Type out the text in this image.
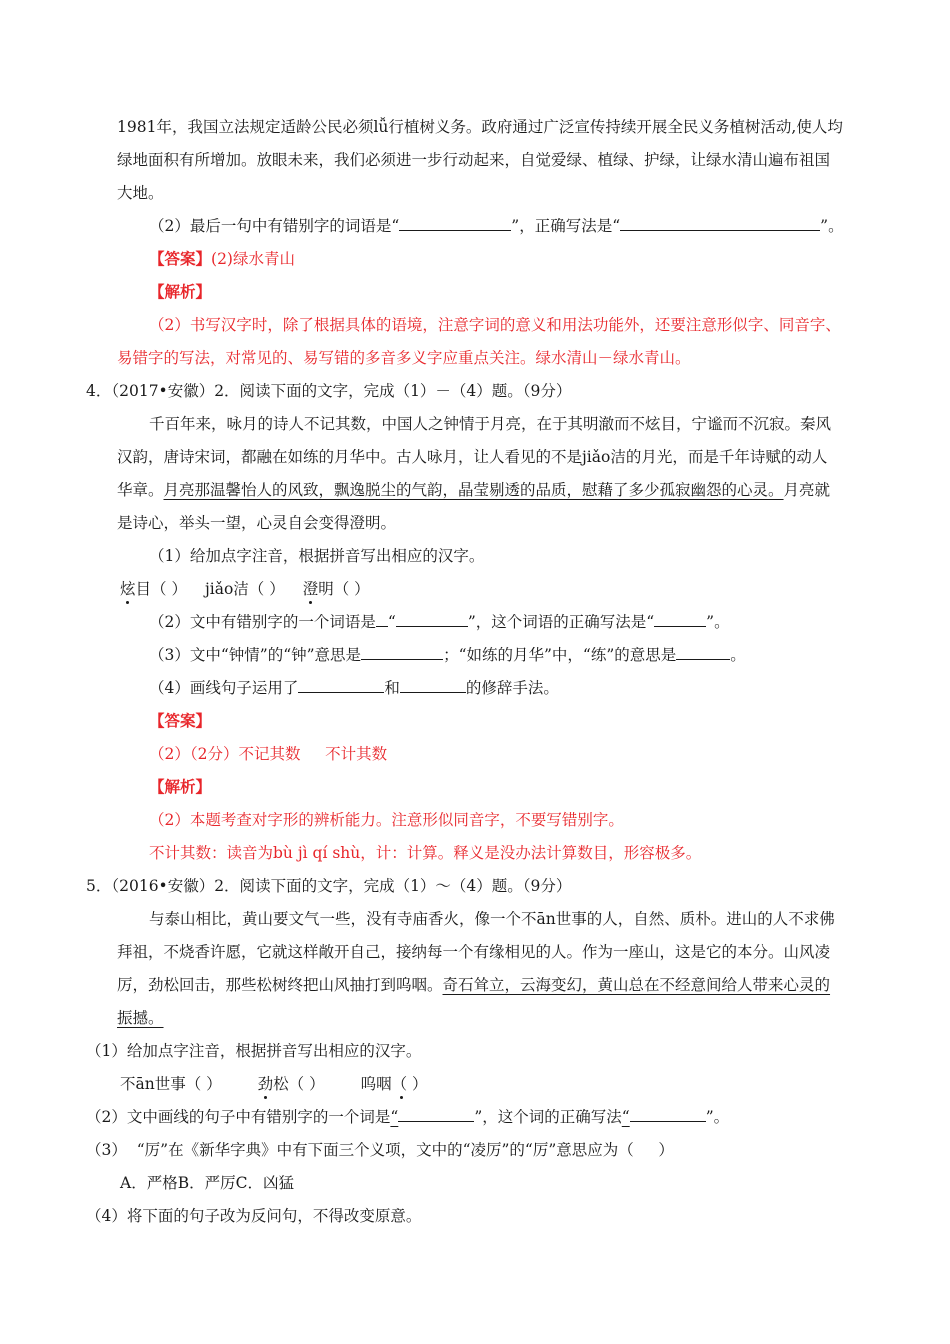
1981年，我国立法规定适龄公民必须lǚ行植树义务。政府通过广泛宣传持续开展全民义务植树活动,使人均
绿地面积有所增加。放眼未来，我们必须进一步行动起来，自觉爱绿、植绿、护绿，让绿水清山遍布祖国
大地。
（2）最后一句中有错别字的词语是“	”，正确写法是“	”。
【答案】(2)绿水青山
【解析】
（2）书写汉字时，除了根据具体的语境，注意字词的意义和用法功能外，还要注意形似字、同音字、
易错字的写法，对常见的、易写错的多音多义字应重点关注。绿水清山－绿水青山。
4．（2017•安徽）2．阅读下面的文字，完成（1）－（4）题。（9分）
千百年来，咏月的诗人不记其数，中国人之钟情于月亮，在于其明澈而不炫目，宁谧而不沉寂。秦风
汉韵，唐诗宋词，都融在如练的月华中。古人咏月，让人看见的不是jiǎo洁的月光，而是千年诗赋的动人
华章。月亮那温馨怡人的风致，飘逸脱尘的气韵，晶莹剔透的品质，慰藉了多少孤寂幽怨的心灵。月亮就
是诗心，举头一望，心灵自会变得澄明。
（1）给加点字注音，根据拼音写出相应的汉字。
炫目（ ） jiǎo洁（ ） 澄明（ ）
（2）文中有错别字的一个词语是 “	”，这个词语的正确写法是“	”。
（3）文中“钟情”的“钟”意思是	；“如练的月华”中，“练”的意思是	。
（4）画线句子运用了	和	的修辞手法。
【答案】
（2）（2分）不记其数     不计其数
【解析】
（2）本题考查对字形的辨析能力。注意形似同音字，不要写错别字。
不计其数：读音为bù jì qí shù，计：计算。释义是没办法计算数目，形容极多。
5．（2016•安徽）2．阅读下面的文字，完成（1）～（4）题。（9分）
与泰山相比，黄山要文气一些，没有寺庙香火，像一个不ān世事的人，自然、质朴。进山的人不求佛
拜祖，不烧香许愿，它就这样敞开自己，接纳每一个有缘相见的人。作为一座山，这是它的本分。山风凌
厉，劲松回击，那些松树终把山风抽打到呜咽。奇石耸立，云海变幻，黄山总在不经意间给人带来心灵的
振撼。
（1）给加点字注音，根据拼音写出相应的汉字。
不ān世事（ ） 劲松（ ） 呜咽（ ）
（2）文中画线的句子中有错别字的一个词是“	”，这个词的正确写法“	”。
（3）  “厉”在《新华字典》中有下面三个义项，文中的“凌厉”的“厉”意思应为（     ）
A．严格B．严厉C．凶猛
（4）将下面的句子改为反问句，不得改变原意。
